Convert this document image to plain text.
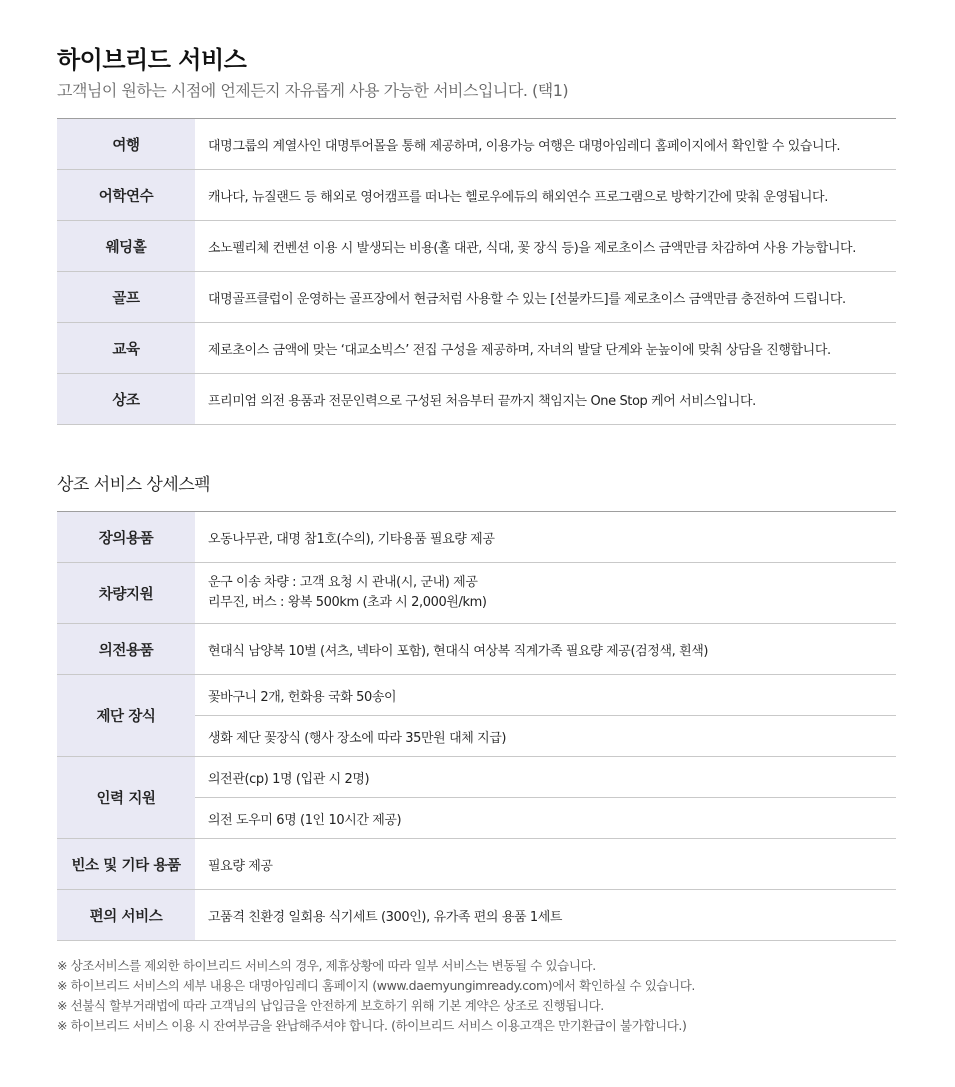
하이브리드 서비스
고객님이 원하는 시점에 언제든지 자유롭게 사용 가능한 서비스입니다. (택1)
여행	대명그룹의 계열사인 대명투어몰을 통해 제공하며, 이용가능 여행은 대명아임레디 홈페이지에서 확인할 수 있습니다.
어학연수	캐나다, 뉴질랜드 등 해외로 영어캠프를 떠나는 헬로우에듀의 해외연수 프로그램으로 방학기간에 맞춰 운영됩니다.
웨딩홀	소노펠리체 컨벤션 이용 시 발생되는 비용(홀 대관, 식대, 꽃 장식 등)을 제로초이스 금액만큼 차감하여 사용 가능합니다.
골프	대명골프클럽이 운영하는 골프장에서 현금처럼 사용할 수 있는 [선불카드]를 제로초이스 금액만큼 충전하여 드립니다.
교육	제로초이스 금액에 맞는 ‘대교소빅스’ 전집 구성을 제공하며, 자녀의 발달 단계와 눈높이에 맞춰 상담을 진행합니다.
상조	프리미엄 의전 용품과 전문인력으로 구성된 처음부터 끝까지 책임지는 One Stop 케어 서비스입니다.
상조 서비스 상세스펙
장의용품	오동나무관, 대명 참1호(수의), 기타용품 필요량 제공
차량지원	운구 이송 차량 : 고객 요청 시 관내(시, 군내) 제공
리무진, 버스 : 왕복 500km (초과 시 2,000원/km)

의전용품	현대식 남양복 10벌 (셔츠, 넥타이 포함), 현대식 여상복 직계가족 필요량 제공(검정색, 흰색)
제단 장식	꽃바구니 2개, 헌화용 국화 50송이
	생화 제단 꽃장식 (행사 장소에 따라 35만원 대체 지급)
인력 지원	의전관(cp) 1명 (입관 시 2명)
	의전 도우미 6명 (1인 10시간 제공)
빈소 및 기타 용품	필요량 제공
편의 서비스	고품격 친환경 일회용 식기세트 (300인), 유가족 편의 용품 1세트
※ 상조서비스를 제외한 하이브리드 서비스의 경우, 제휴상황에 따라 일부 서비스는 변동될 수 있습니다.
※ 하이브리드 서비스의 세부 내용은 대명아임레디 홈페이지 (www.daemyungimready.com)에서 확인하실 수 있습니다.
※ 선불식 할부거래법에 따라 고객님의 납입금을 안전하게 보호하기 위해 기본 계약은 상조로 진행됩니다.
※ 하이브리드 서비스 이용 시 잔여부금을 완납해주셔야 합니다. (하이브리드 서비스 이용고객은 만기환급이 불가합니다.)
